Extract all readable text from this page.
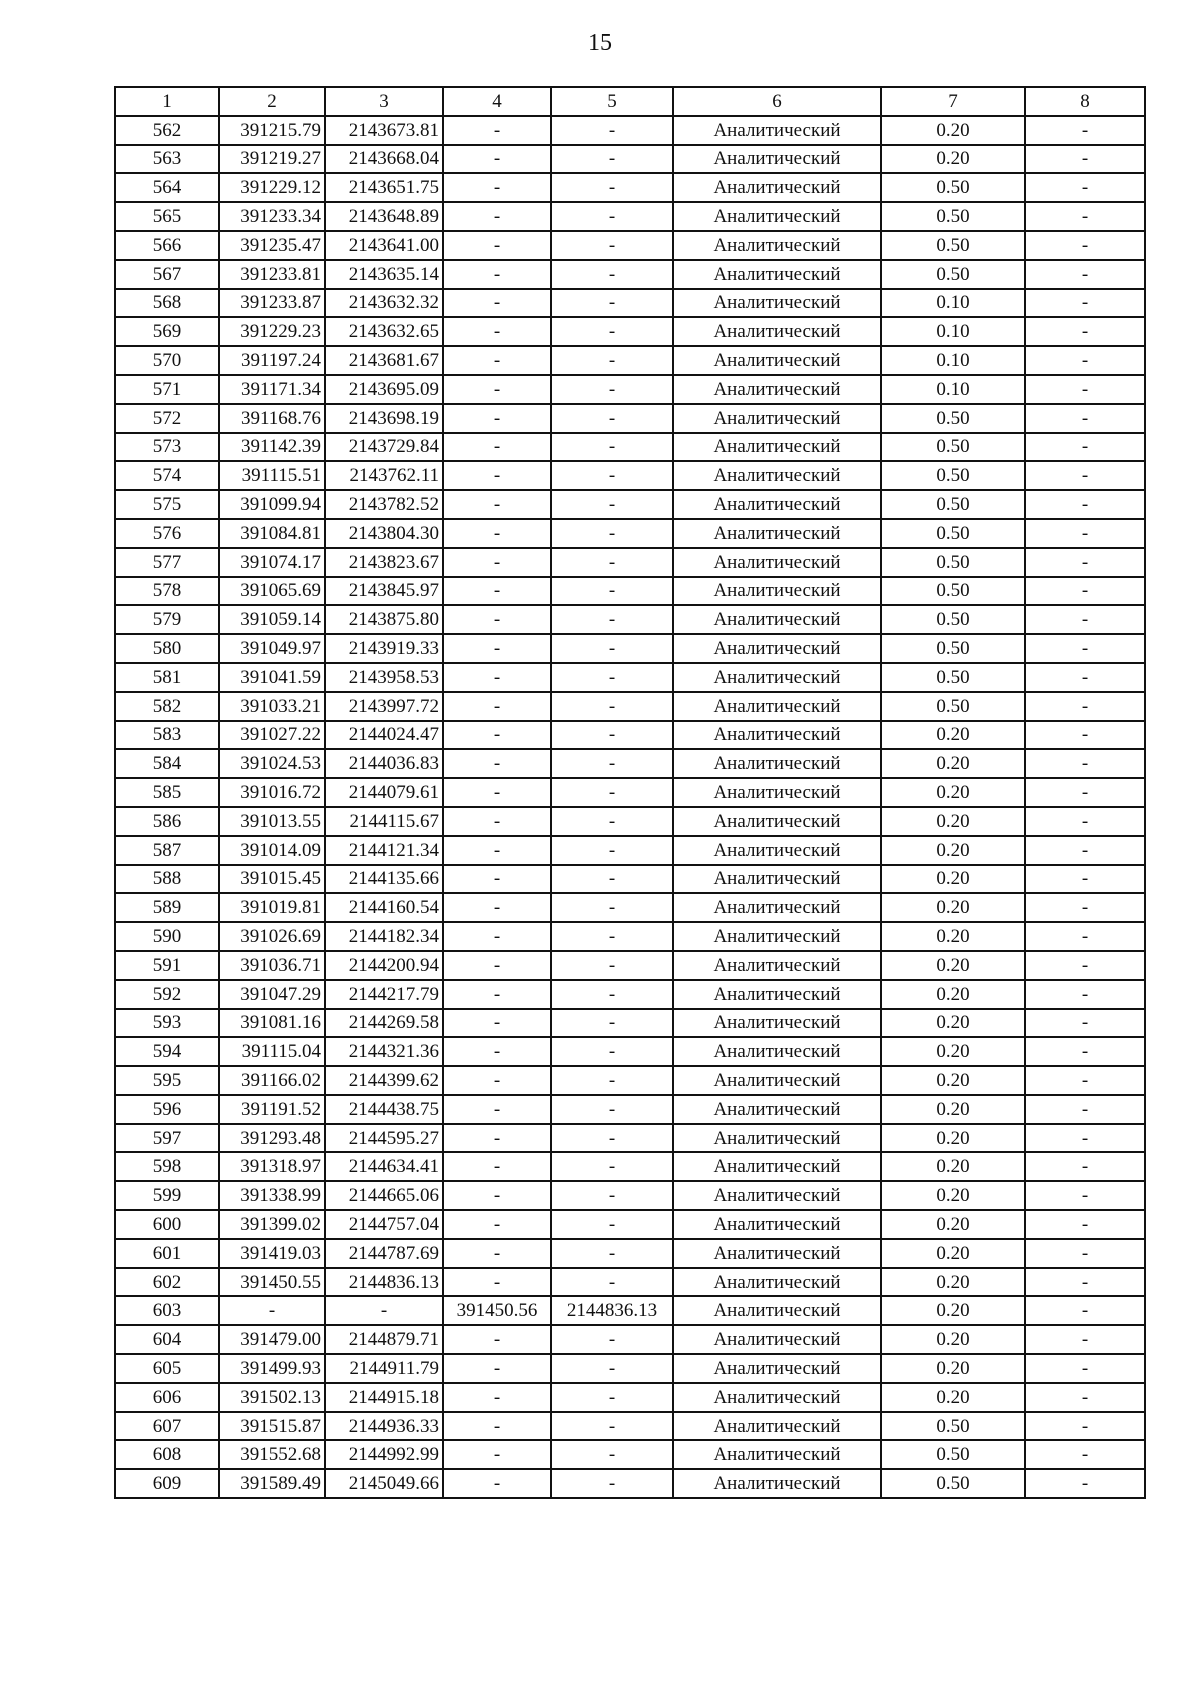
15
1	2	3	4	5	6	7	8
562	391215.79	2143673.81	-	-	Аналитический	0.20	-
563	391219.27	2143668.04	-	-	Аналитический	0.20	-
564	391229.12	2143651.75	-	-	Аналитический	0.50	-
565	391233.34	2143648.89	-	-	Аналитический	0.50	-
566	391235.47	2143641.00	-	-	Аналитический	0.50	-
567	391233.81	2143635.14	-	-	Аналитический	0.50	-
568	391233.87	2143632.32	-	-	Аналитический	0.10	-
569	391229.23	2143632.65	-	-	Аналитический	0.10	-
570	391197.24	2143681.67	-	-	Аналитический	0.10	-
571	391171.34	2143695.09	-	-	Аналитический	0.10	-
572	391168.76	2143698.19	-	-	Аналитический	0.50	-
573	391142.39	2143729.84	-	-	Аналитический	0.50	-
574	391115.51	2143762.11	-	-	Аналитический	0.50	-
575	391099.94	2143782.52	-	-	Аналитический	0.50	-
576	391084.81	2143804.30	-	-	Аналитический	0.50	-
577	391074.17	2143823.67	-	-	Аналитический	0.50	-
578	391065.69	2143845.97	-	-	Аналитический	0.50	-
579	391059.14	2143875.80	-	-	Аналитический	0.50	-
580	391049.97	2143919.33	-	-	Аналитический	0.50	-
581	391041.59	2143958.53	-	-	Аналитический	0.50	-
582	391033.21	2143997.72	-	-	Аналитический	0.50	-
583	391027.22	2144024.47	-	-	Аналитический	0.20	-
584	391024.53	2144036.83	-	-	Аналитический	0.20	-
585	391016.72	2144079.61	-	-	Аналитический	0.20	-
586	391013.55	2144115.67	-	-	Аналитический	0.20	-
587	391014.09	2144121.34	-	-	Аналитический	0.20	-
588	391015.45	2144135.66	-	-	Аналитический	0.20	-
589	391019.81	2144160.54	-	-	Аналитический	0.20	-
590	391026.69	2144182.34	-	-	Аналитический	0.20	-
591	391036.71	2144200.94	-	-	Аналитический	0.20	-
592	391047.29	2144217.79	-	-	Аналитический	0.20	-
593	391081.16	2144269.58	-	-	Аналитический	0.20	-
594	391115.04	2144321.36	-	-	Аналитический	0.20	-
595	391166.02	2144399.62	-	-	Аналитический	0.20	-
596	391191.52	2144438.75	-	-	Аналитический	0.20	-
597	391293.48	2144595.27	-	-	Аналитический	0.20	-
598	391318.97	2144634.41	-	-	Аналитический	0.20	-
599	391338.99	2144665.06	-	-	Аналитический	0.20	-
600	391399.02	2144757.04	-	-	Аналитический	0.20	-
601	391419.03	2144787.69	-	-	Аналитический	0.20	-
602	391450.55	2144836.13	-	-	Аналитический	0.20	-
603	-	-	391450.56	2144836.13	Аналитический	0.20	-
604	391479.00	2144879.71	-	-	Аналитический	0.20	-
605	391499.93	2144911.79	-	-	Аналитический	0.20	-
606	391502.13	2144915.18	-	-	Аналитический	0.20	-
607	391515.87	2144936.33	-	-	Аналитический	0.50	-
608	391552.68	2144992.99	-	-	Аналитический	0.50	-
609	391589.49	2145049.66	-	-	Аналитический	0.50	-
